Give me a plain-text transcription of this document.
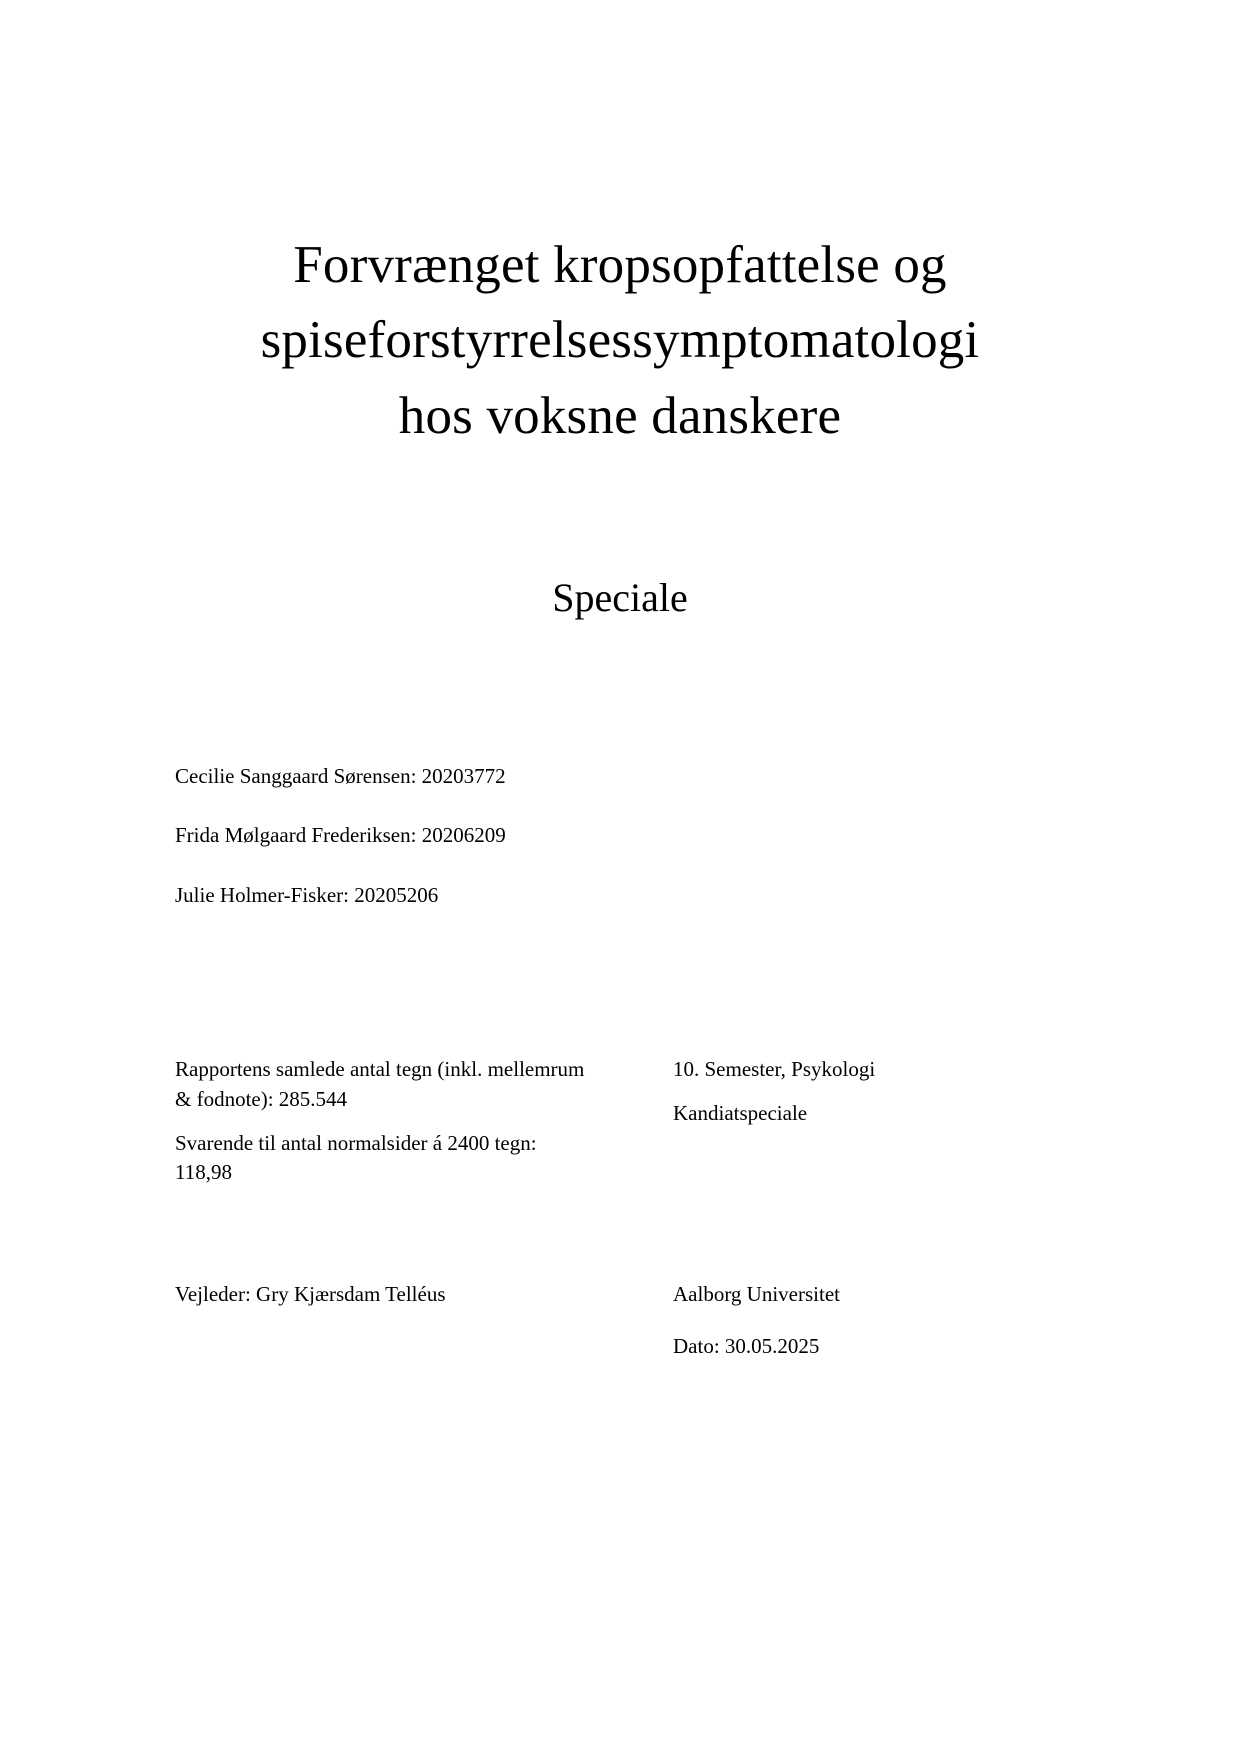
Forvrænget kropsopfattelse og
spiseforstyrrelsessymptomatologi
hos voksne danskere
Speciale
Cecilie Sanggaard Sørensen: 20203772
Frida Mølgaard Frederiksen: 20206209
Julie Holmer-Fisker: 20205206
Rapportens samlede antal tegn (inkl. mellemrum & fodnote): 285.544
Svarende til antal normalsider á 2400 tegn: 118,98
10. Semester, Psykologi
Kandiatspeciale
Vejleder: Gry Kjærsdam Telléus	Aalborg Universitet
Dato: 30.05.2025
